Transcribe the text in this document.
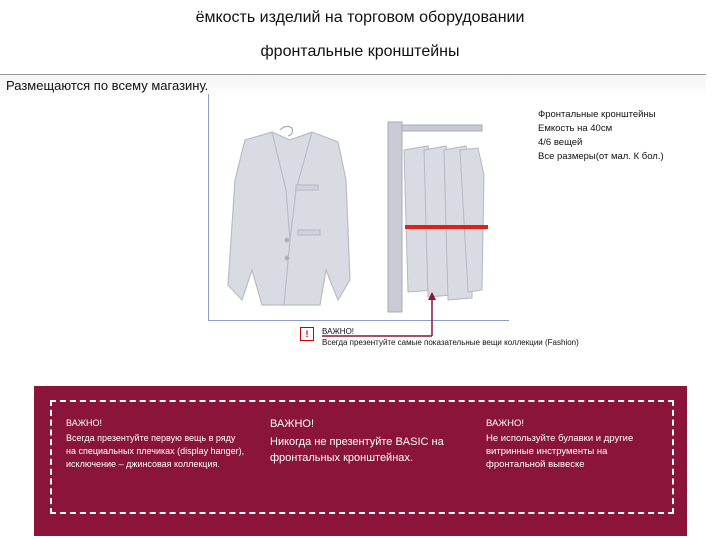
ёмкость изделий на торговом оборудовании
фронтальные кронштейны
Размещаются по всему магазину.
Фронтальные кронштейны
Емкость на 40см
4/6 вещей
Все размеры(от мал. К бол.)
!	ВАЖНО!
Всегда презентуйте самые показательные вещи коллекции (Fashion)
ВАЖНО!
Всегда презентуйте первую вещь в ряду на специальных плечиках (display hanger), исключение – джинсовая коллекция.
ВАЖНО!
Никогда не презентуйте BASIC на фронтальных кронштейнах.
ВАЖНО!
Не используйте булавки и другие витринные инструменты на фронтальной вывеске
